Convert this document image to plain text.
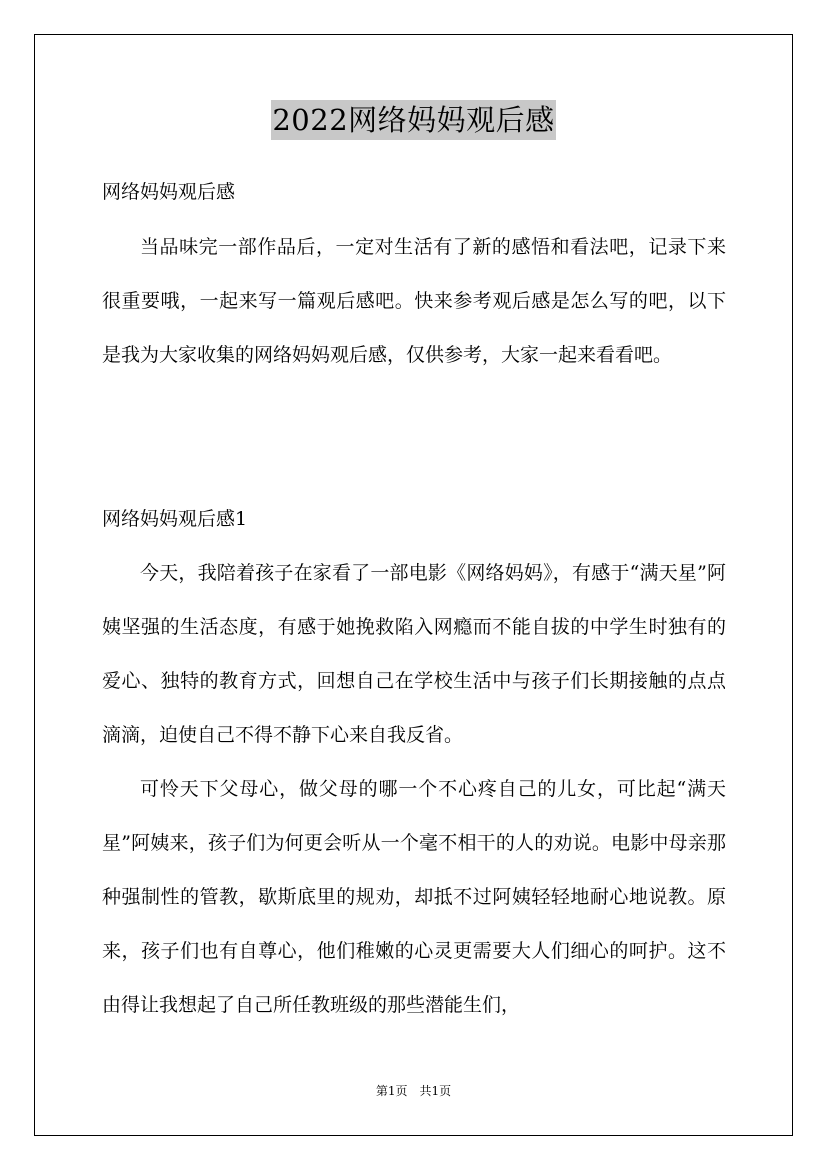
2022网络妈妈观后感

网络妈妈观后感

当品味完一部作品后，一定对生活有了新的感悟和看法吧，记录下来很重要哦，一起来写一篇观后感吧。快来参考观后感是怎么写的吧，以下是我为大家收集的网络妈妈观后感，仅供参考，大家一起来看看吧。

网络妈妈观后感1

今天，我陪着孩子在家看了一部电影《网络妈妈》，有感于“满天星”阿姨坚强的生活态度，有感于她挽救陷入网瘾而不能自拔的中学生时独有的爱心、独特的教育方式，回想自己在学校生活中与孩子们长期接触的点点滴滴，迫使自己不得不静下心来自我反省。

可怜天下父母心，做父母的哪一个不心疼自己的儿女，可比起“满天星”阿姨来，孩子们为何更会听从一个毫不相干的人的劝说。电影中母亲那种强制性的管教，歇斯底里的规劝，却抵不过阿姨轻轻地耐心地说教。原来，孩子们也有自尊心，他们稚嫩的心灵更需要大人们细心的呵护。这不由得让我想起了自己所任教班级的那些潜能生们，

第1页　共1页
